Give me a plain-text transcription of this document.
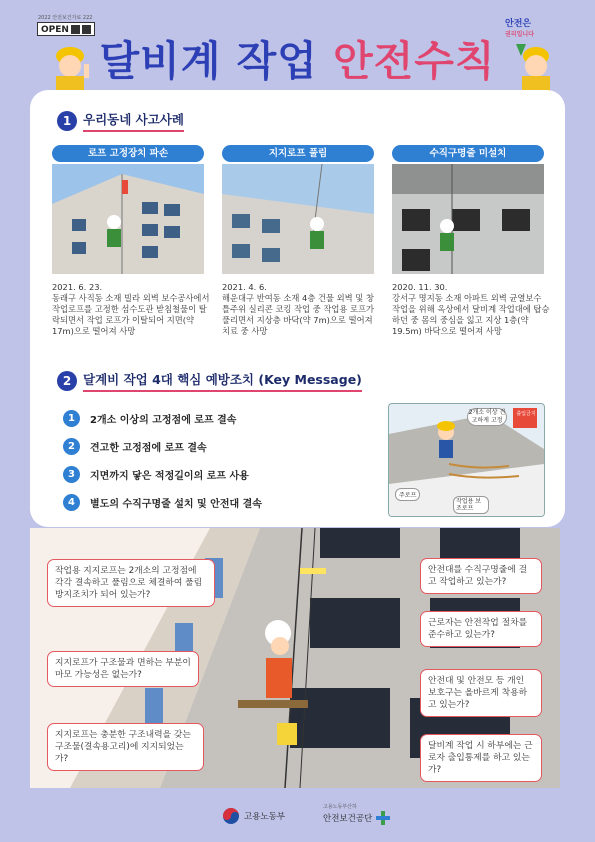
2022 안전보건자료 222
OPEN
달비계 작업 안전수칙
안전은
권리입니다
1 우리동네 사고사례
로프 고정장치 파손
2021. 6. 23.
동래구 사직동 소재 빌라 외벽 보수공사에서 작업로프를 고정한 섬수도관 받침철물이 탈락되면서 작업 로프가 이탈되어 지면(약 17m)으로 떨어져 사망
지지로프 풀림
2021. 4. 6.
해운대구 반여동 소재 4층 건물 외벽 및 창틀주위 실리콘 코킹 작업 중 작업용 로프가 풀리면서 지상층 바닥(약 7m)으로 떨어져 치료 중 사망
수직구명줄 미설치
2020. 11. 30.
강서구 명지동 소재 아파트 외벽 균열보수 작업을 위해 옥상에서 달비계 작업대에 탑승하던 중 몸의 중심을 잃고 지상 1층(약 19.5m) 바닥으로 떨어져 사망
2 달계비 작업 4대 핵심 예방조치 (Key Message)
1	2개소 이상의 고정점에 로프 결속
2	견고한 고정점에 로프 결속
3	지면까지 닿은 적정길이의 로프 사용
4	별도의 수직구명줄 설치 및 안전대 결속
2개소 이상 견고하게 고정
출입금지
주로프
작업용 보조로프
작업용 지지로프는 2개소의 고정점에 각각 결속하고 풀림으로 체결하여 풀림 방지조치가 되어 있는가?
지지로프가 구조물과 면하는 부분이 마모 가능성은 없는가?
지지로프는 충분한 구조내력을 갖는 구조물(결속용고리)에 지지되었는가?
안전대를 수직구명줄에 걸고 작업하고 있는가?
근로자는 안전작업 절차를 준수하고 있는가?
안전대 및 안전모 등 개인 보호구는 올바르게 착용하고 있는가?
달비계 작업 시 하부에는 근로자 출입통제를 하고 있는가?
고용노동부
고용노동부산하
안전보건공단
